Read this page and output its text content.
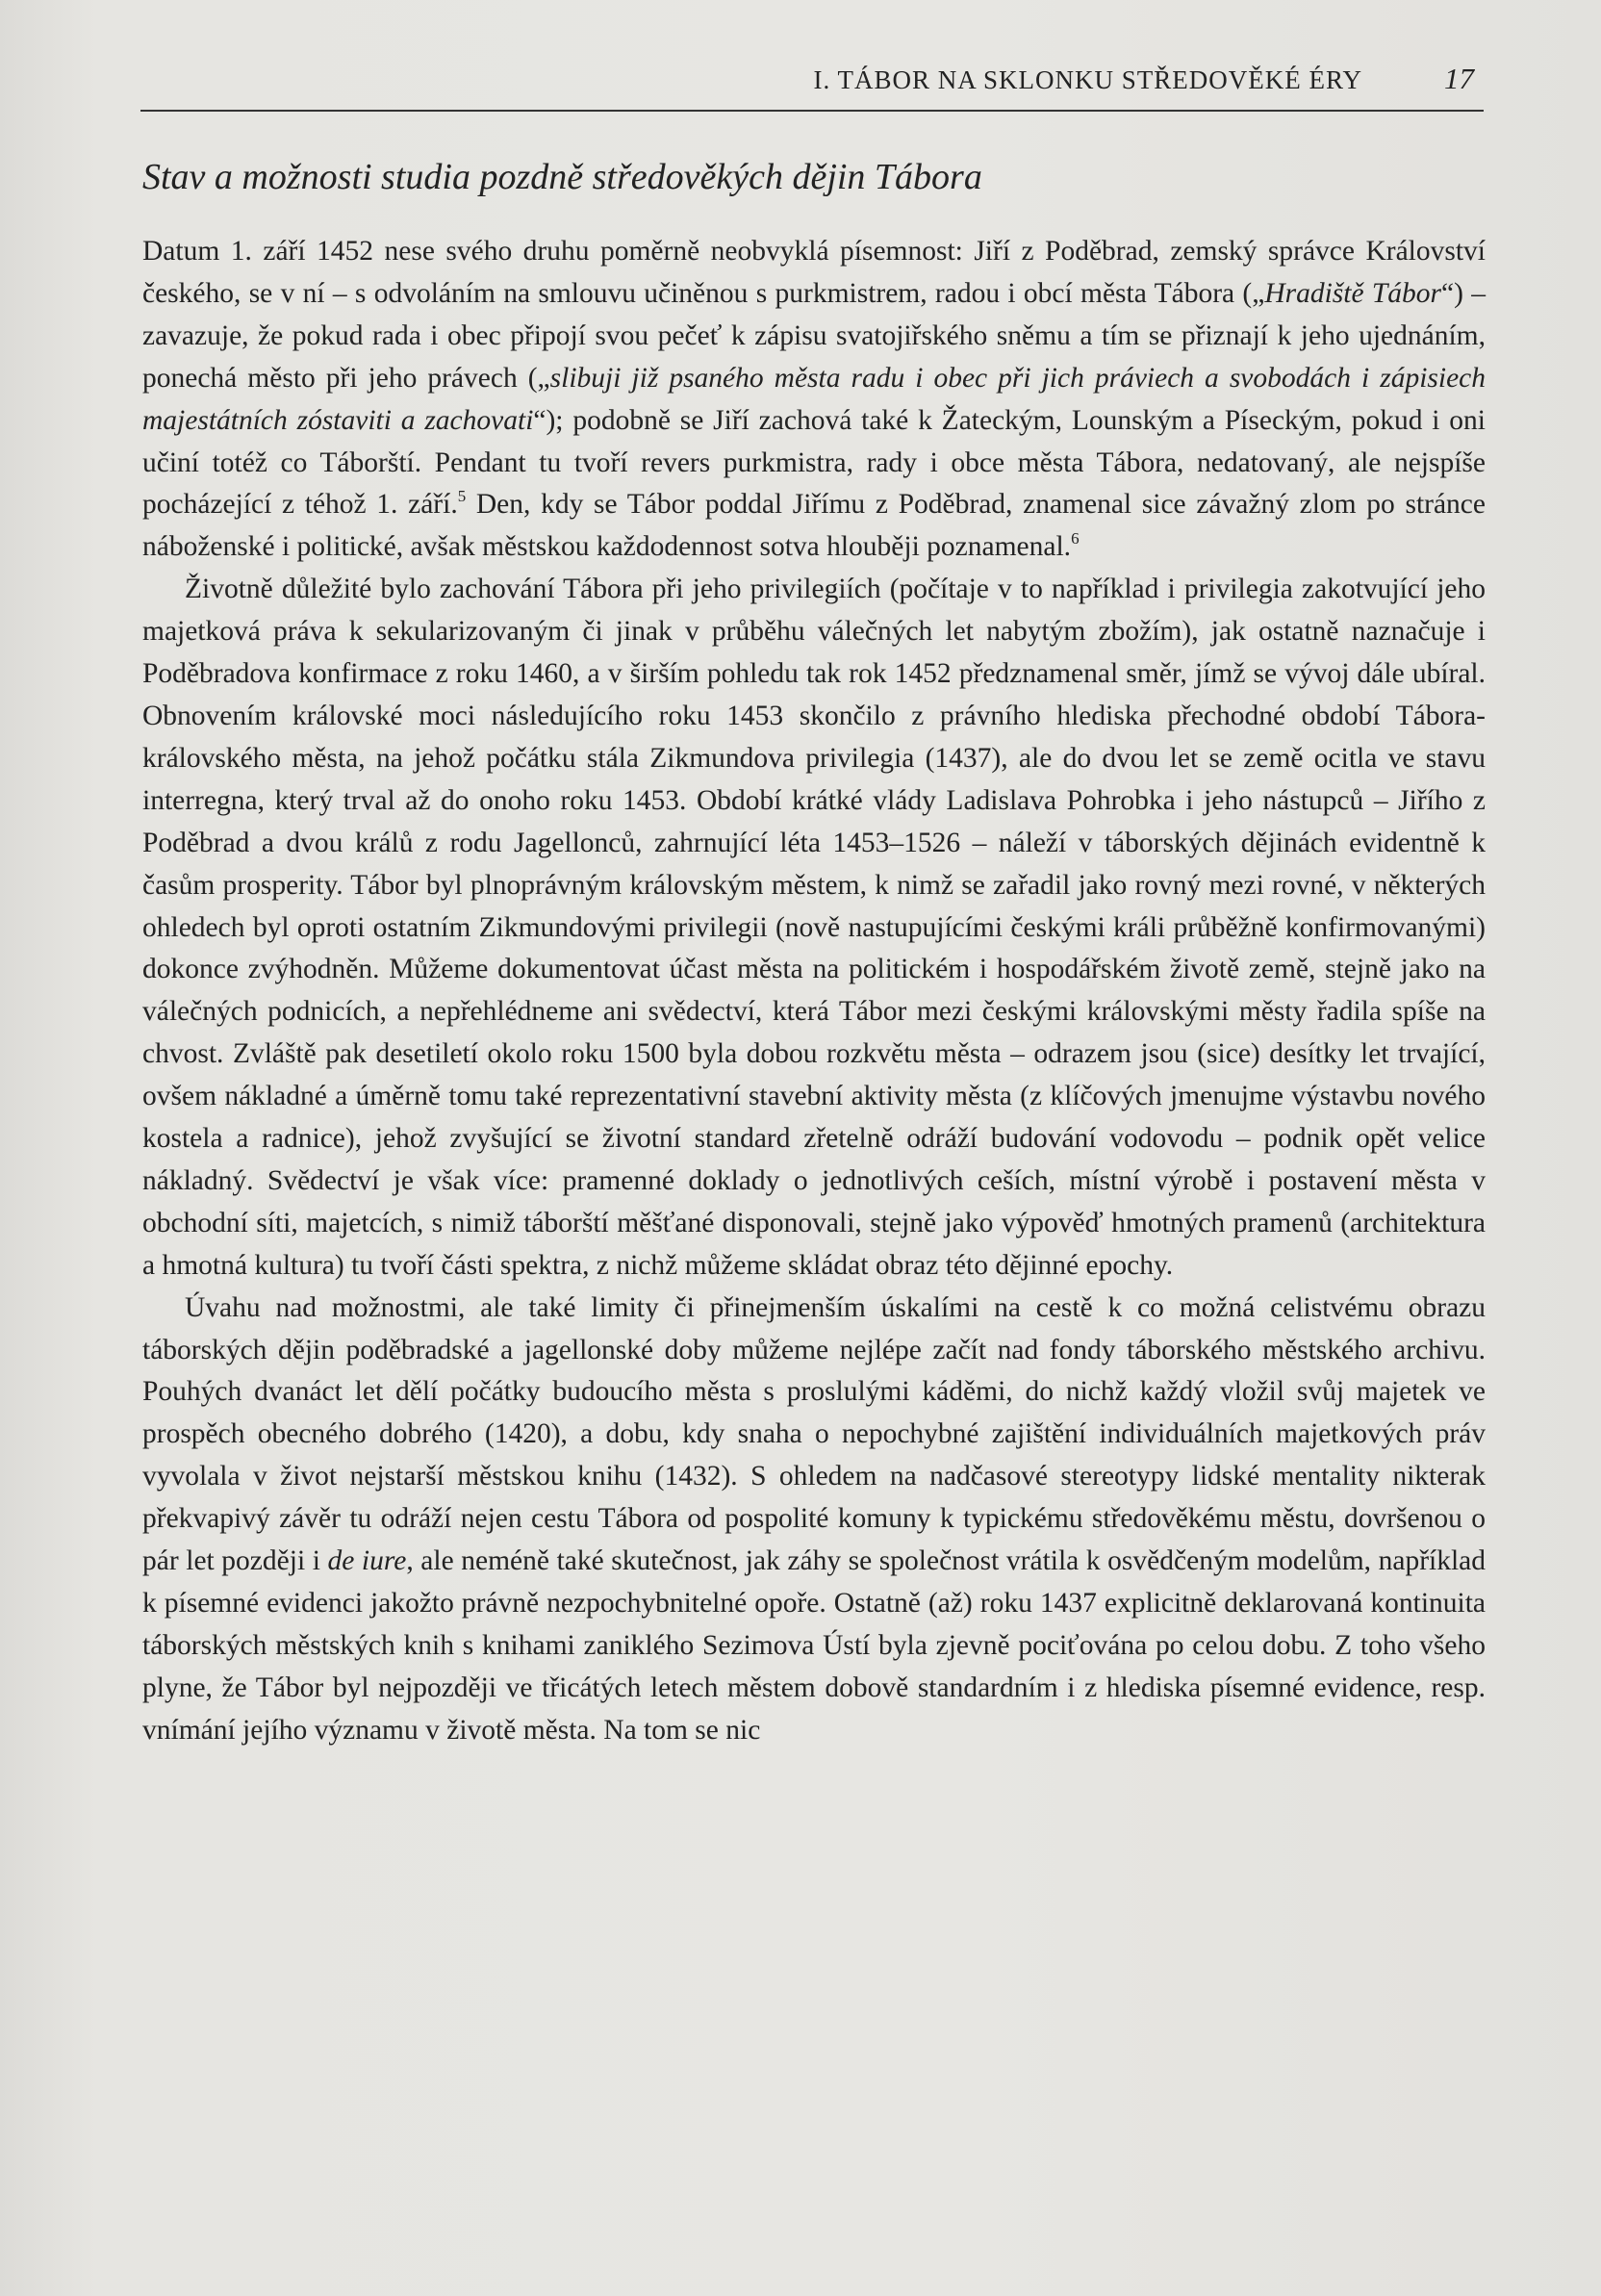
I. TÁBOR NA SKLONKU STŘEDOVĚKÉ ÉRY	17
Stav a možnosti studia pozdně středověkých dějin Tábora

Datum 1. září 1452 nese svého druhu poměrně neobvyklá písemnost: Jiří z Poděbrad, zemský správce Království českého, se v ní – s odvoláním na smlouvu učiněnou s purkmistrem, radou i obcí města Tábora („Hradiště Tábor“) – zavazuje, že pokud rada i obec připojí svou pečeť k zápisu svatojiřského sněmu a tím se přiznají k jeho ujednáním, ponechá město při jeho právech („slibuji již psaného města radu i obec při jich práviech a svobodách i zápisiech majestátních zóstaviti a zachovati“); podobně se Jiří zachová také k Žateckým, Lounským a Píseckým, pokud i oni učiní totéž co Táborští. Pendant tu tvoří revers purkmistra, rady i obce města Tábora, nedatovaný, ale nejspíše pocházející z téhož 1. září.$^5$ Den, kdy se Tábor poddal Jiřímu z Poděbrad, znamenal sice závažný zlom po stránce náboženské i politické, avšak městskou každodennost sotva hlouběji poznamenal.$^6$

Životně důležité bylo zachování Tábora při jeho privilegiích (počítaje v to například i privilegia zakotvující jeho majetková práva k sekularizovaným či jinak v průběhu válečných let nabytým zbožím), jak ostatně naznačuje i Poděbradova konfirmace z roku 1460, a v širším pohledu tak rok 1452 předznamenal směr, jímž se vývoj dále ubíral. Obnovením královské moci následujícího roku 1453 skončilo z právního hlediska přechodné období Tábora-královského města, na jehož počátku stála Zikmundova privilegia (1437), ale do dvou let se země ocitla ve stavu interregna, který trval až do onoho roku 1453. Období krátké vlády Ladislava Pohrobka i jeho nástupců – Jiřího z Poděbrad a dvou králů z rodu Jagellonců, zahrnující léta 1453–1526 – náleží v táborských dějinách evidentně k časům prosperity. Tábor byl plnoprávným královským městem, k nimž se zařadil jako rovný mezi rovné, v některých ohledech byl oproti ostatním Zikmundovými privilegii (nově nastupujícími českými králi průběžně konfirmovanými) dokonce zvýhodněn. Můžeme dokumentovat účast města na politickém i hospodářském životě země, stejně jako na válečných podnicích, a nepřehlédneme ani svědectví, která Tábor mezi českými královskými městy řadila spíše na chvost. Zvláště pak desetiletí okolo roku 1500 byla dobou rozkvětu města – odrazem jsou (sice) desítky let trvající, ovšem nákladné a úměrně tomu také reprezentativní stavební aktivity města (z klíčových jmenujme výstavbu nového kostela a radnice), jehož zvyšující se životní standard zřetelně odráží budování vodovodu – podnik opět velice nákladný. Svědectví je však více: pramenné doklady o jednotlivých ceších, místní výrobě i postavení města v obchodní síti, majetcích, s nimiž táborští měšťané disponovali, stejně jako výpověď hmotných pramenů (architektura a hmotná kultura) tu tvoří části spektra, z nichž můžeme skládat obraz této dějinné epochy.

Úvahu nad možnostmi, ale také limity či přinejmenším úskalími na cestě k co možná celistvému obrazu táborských dějin poděbradské a jagellonské doby můžeme nejlépe začít nad fondy táborského městského archivu. Pouhých dvanáct let dělí počátky budoucího města s proslulými káděmi, do nichž každý vložil svůj majetek ve prospěch obecného dobrého (1420), a dobu, kdy snaha o nepochybné zajištění individuálních majetkových práv vyvolala v život nejstarší městskou knihu (1432). S ohledem na nadčasové stereotypy lidské mentality nikterak překvapivý závěr tu odráží nejen cestu Tábora od pospolité komuny k typickému středověkému městu, dovršenou o pár let později i de iure, ale neméně také skutečnost, jak záhy se společnost vrátila k osvědčeným modelům, například k písemné evidenci jakožto právně nezpochybnitelné opoře. Ostatně (až) roku 1437 explicitně deklarovaná kontinuita táborských městských knih s knihami zaniklého Sezimova Ústí byla zjevně pociťována po celou dobu. Z toho všeho plyne, že Tábor byl nejpozději ve třicátých letech městem dobově standardním i z hlediska písemné evidence, resp. vnímání jejího významu v životě města. Na tom se nic
